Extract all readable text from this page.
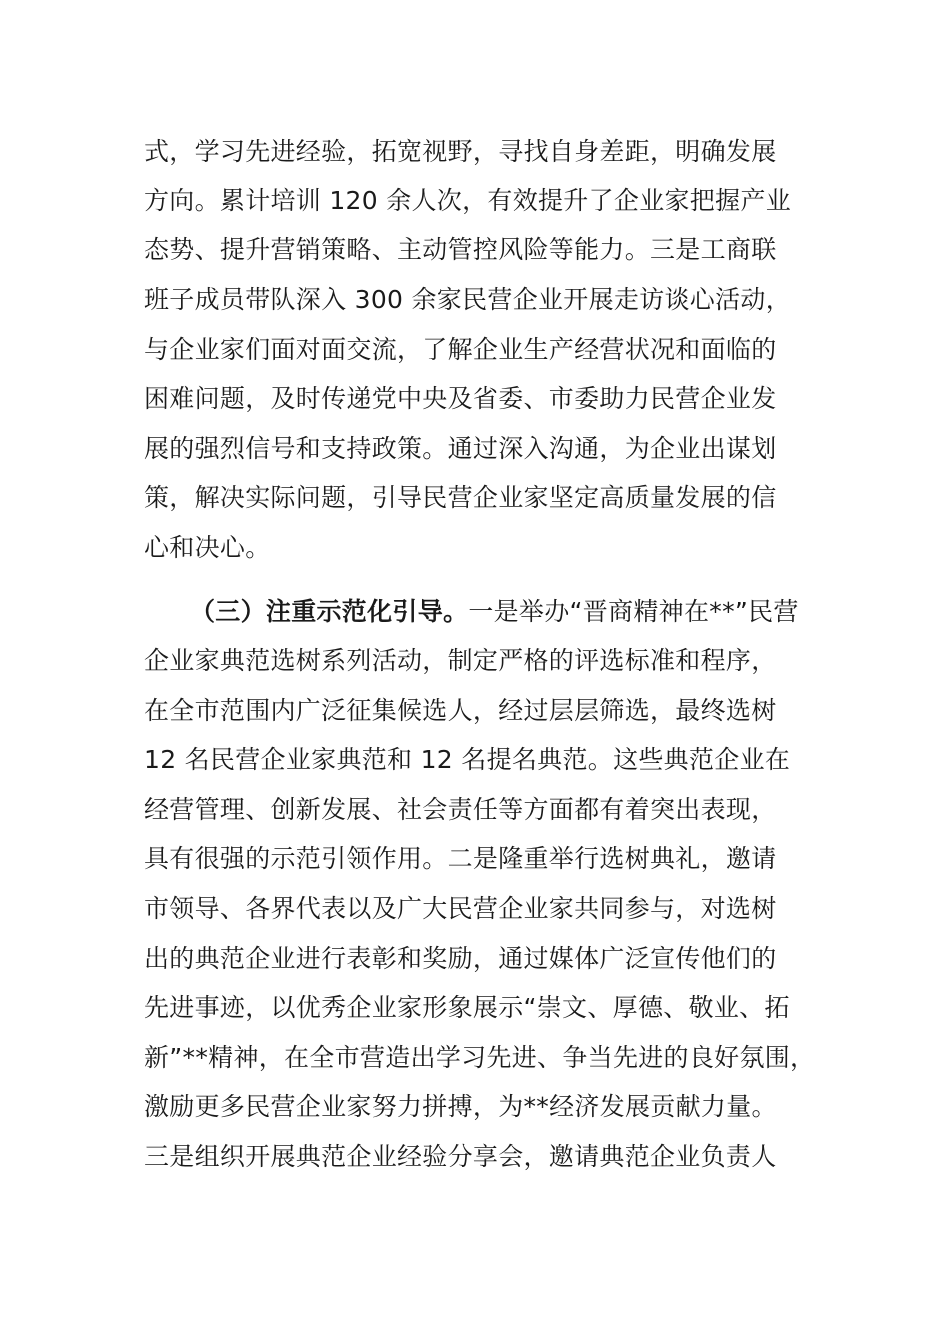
式，学习先进经验，拓宽视野，寻找自身差距，明确发展
方向。累计培训 120 余人次，有效提升了企业家把握产业
态势、提升营销策略、主动管控风险等能力。三是工商联
班子成员带队深入 300 余家民营企业开展走访谈心活动，
与企业家们面对面交流，了解企业生产经营状况和面临的
困难问题，及时传递党中央及省委、市委助力民营企业发
展的强烈信号和支持政策。通过深入沟通，为企业出谋划
策，解决实际问题，引导民营企业家坚定高质量发展的信
心和决心。
（三）注重示范化引导。一是举办“晋商精神在**”民营
企业家典范选树系列活动，制定严格的评选标准和程序，
在全市范围内广泛征集候选人，经过层层筛选，最终选树
12 名民营企业家典范和 12 名提名典范。这些典范企业在
经营管理、创新发展、社会责任等方面都有着突出表现，
具有很强的示范引领作用。二是隆重举行选树典礼，邀请
市领导、各界代表以及广大民营企业家共同参与，对选树
出的典范企业进行表彰和奖励，通过媒体广泛宣传他们的
先进事迹，以优秀企业家形象展示“崇文、厚德、敬业、拓
新”**精神，在全市营造出学习先进、争当先进的良好氛围，
激励更多民营企业家努力拼搏，为**经济发展贡献力量。
三是组织开展典范企业经验分享会，邀请典范企业负责人
